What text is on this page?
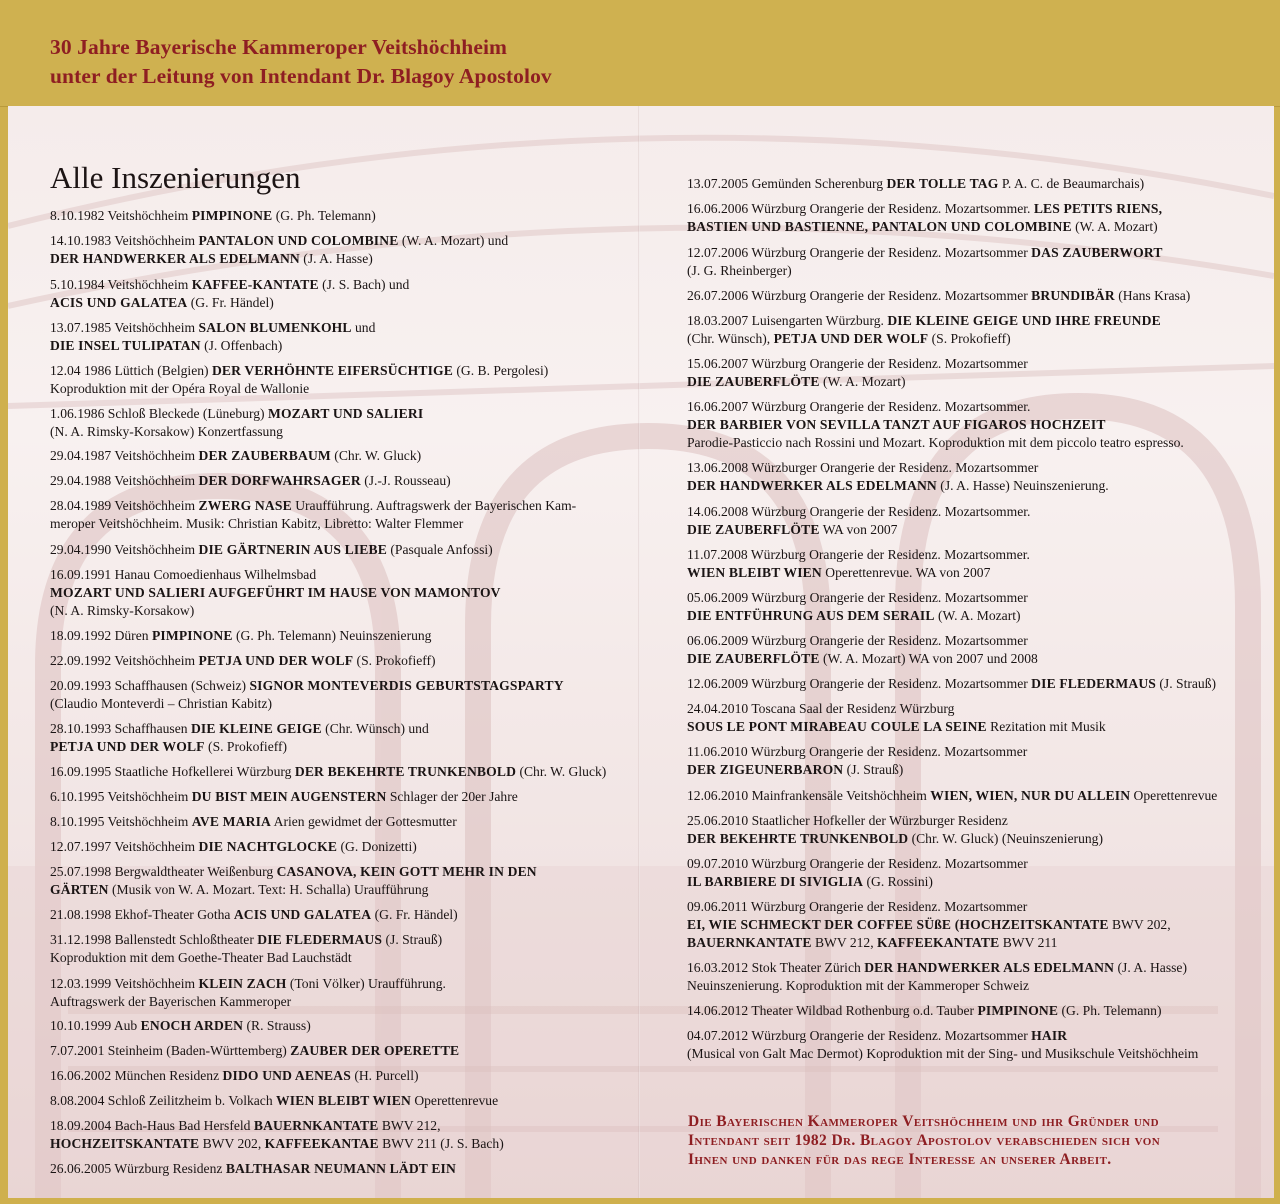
30 Jahre Bayerische Kammeroper Veitshöchheim
unter der Leitung von Intendant Dr. Blagoy Apostolov
Alle Inszenierungen
8.10.1982 Veitshöchheim PIMPINONE (G. Ph. Telemann)
14.10.1983 Veitshöchheim PANTALON UND COLOMBINE (W. A. Mozart) und
DER HANDWERKER ALS EDELMANN (J. A. Hasse)
5.10.1984 Veitshöchheim KAFFEE-KANTATE (J. S. Bach) und
ACIS UND GALATEA (G. Fr. Händel)
13.07.1985 Veitshöchheim SALON BLUMENKOHL und
DIE INSEL TULIPATAN (J. Offenbach)
12.04 1986 Lüttich (Belgien) DER VERHÖHNTE EIFERSÜCHTIGE (G. B. Pergolesi)
Koproduktion mit der Opéra Royal de Wallonie
1.06.1986 Schloß Bleckede (Lüneburg) MOZART UND SALIERI
(N. A. Rimsky-Korsakow) Konzertfassung
29.04.1987 Veitshöchheim DER ZAUBERBAUM (Chr. W. Gluck)
29.04.1988 Veitshöchheim DER DORFWAHRSAGER (J.-J. Rousseau)
28.04.1989 Veitshöchheim ZWERG NASE Uraufführung. Auftragswerk der Bayerischen Kam-
meroper Veitshöchheim. Musik: Christian Kabitz, Libretto: Walter Flemmer
29.04.1990 Veitshöchheim DIE GÄRTNERIN AUS LIEBE (Pasquale Anfossi)
16.09.1991 Hanau Comoedienhaus Wilhelmsbad
MOZART UND SALIERI AUFGEFÜHRT IM HAUSE VON MAMONTOV
(N. A. Rimsky-Korsakow)
18.09.1992 Düren PIMPINONE (G. Ph. Telemann) Neuinszenierung
22.09.1992 Veitshöchheim PETJA UND DER WOLF (S. Prokofieff)
20.09.1993 Schaffhausen (Schweiz) SIGNOR MONTEVERDIS GEBURTSTAGSPARTY
(Claudio Monteverdi – Christian Kabitz)
28.10.1993 Schaffhausen DIE KLEINE GEIGE (Chr. Wünsch) und
PETJA UND DER WOLF (S. Prokofieff)
16.09.1995 Staatliche Hofkellerei Würzburg DER BEKEHRTE TRUNKENBOLD (Chr. W. Gluck)
6.10.1995 Veitshöchheim DU BIST MEIN AUGENSTERN Schlager der 20er Jahre
8.10.1995 Veitshöchheim AVE MARIA Arien gewidmet der Gottesmutter
12.07.1997 Veitshöchheim DIE NACHTGLOCKE (G. Donizetti)
25.07.1998 Bergwaldtheater Weißenburg CASANOVA, KEIN GOTT MEHR IN DEN
GÄRTEN (Musik von W. A. Mozart. Text: H. Schalla) Uraufführung
21.08.1998 Ekhof-Theater Gotha ACIS UND GALATEA (G. Fr. Händel)
31.12.1998 Ballenstedt Schloßtheater DIE FLEDERMAUS (J. Strauß)
Koproduktion mit dem Goethe-Theater Bad Lauchstädt
12.03.1999 Veitshöchheim KLEIN ZACH (Toni Völker) Uraufführung.
Auftragswerk der Bayerischen Kammeroper
10.10.1999 Aub ENOCH ARDEN (R. Strauss)
7.07.2001 Steinheim (Baden-Württemberg) ZAUBER DER OPERETTE
16.06.2002 München Residenz DIDO UND AENEAS (H. Purcell)
8.08.2004 Schloß Zeilitzheim b. Volkach WIEN BLEIBT WIEN Operettenrevue
18.09.2004 Bach-Haus Bad Hersfeld BAUERNKANTATE BWV 212,
HOCHZEITSKANTATE BWV 202, KAFFEEKANTAE BWV 211 (J. S. Bach)
26.06.2005 Würzburg Residenz BALTHASAR NEUMANN LÄDT EIN
13.07.2005 Gemünden Scherenburg DER TOLLE TAG P. A. C. de Beaumarchais)
16.06.2006 Würzburg Orangerie der Residenz. Mozartsommer. LES PETITS RIENS,
BASTIEN UND BASTIENNE, PANTALON UND COLOMBINE (W. A. Mozart)
12.07.2006 Würzburg Orangerie der Residenz. Mozartsommer DAS ZAUBERWORT
(J. G. Rheinberger)
26.07.2006 Würzburg Orangerie der Residenz. Mozartsommer BRUNDIBÄR (Hans Krasa)
18.03.2007 Luisengarten Würzburg. DIE KLEINE GEIGE UND IHRE FREUNDE
(Chr. Wünsch), PETJA UND DER WOLF (S. Prokofieff)
15.06.2007 Würzburg Orangerie der Residenz. Mozartsommer
DIE ZAUBERFLÖTE (W. A. Mozart)
16.06.2007 Würzburg Orangerie der Residenz. Mozartsommer.
DER BARBIER VON SEVILLA TANZT AUF FIGAROS HOCHZEIT
Parodie-Pasticcio nach Rossini und Mozart. Koproduktion mit dem piccolo teatro espresso.
13.06.2008 Würzburger Orangerie der Residenz. Mozartsommer
DER HANDWERKER ALS EDELMANN (J. A. Hasse) Neuinszenierung.
14.06.2008 Würzburg Orangerie der Residenz. Mozartsommer.
DIE ZAUBERFLÖTE WA von 2007
11.07.2008 Würzburg Orangerie der Residenz. Mozartsommer.
WIEN BLEIBT WIEN Operettenrevue. WA von 2007
05.06.2009 Würzburg Orangerie der Residenz. Mozartsommer
DIE ENTFÜHRUNG AUS DEM SERAIL (W. A. Mozart)
06.06.2009 Würzburg Orangerie der Residenz. Mozartsommer
DIE ZAUBERFLÖTE (W. A. Mozart) WA von 2007 und 2008
12.06.2009 Würzburg Orangerie der Residenz. Mozartsommer DIE FLEDERMAUS (J. Strauß)
24.04.2010 Toscana Saal der Residenz Würzburg
SOUS LE PONT MIRABEAU COULE LA SEINE Rezitation mit Musik
11.06.2010 Würzburg Orangerie der Residenz. Mozartsommer
DER ZIGEUNERBARON (J. Strauß)
12.06.2010 Mainfrankensäle Veitshöchheim WIEN, WIEN, NUR DU ALLEIN Operettenrevue
25.06.2010 Staatlicher Hofkeller der Würzburger Residenz
DER BEKEHRTE TRUNKENBOLD (Chr. W. Gluck) (Neuinszenierung)
09.07.2010 Würzburg Orangerie der Residenz. Mozartsommer
IL BARBIERE DI SIVIGLIA (G. Rossini)
09.06.2011 Würzburg Orangerie der Residenz. Mozartsommer
EI, WIE SCHMECKT DER COFFEE SÜßE (HOCHZEITSKANTATE BWV 202,
BAUERNKANTATE BWV 212, KAFFEEKANTATE BWV 211
16.03.2012 Stok Theater Zürich DER HANDWERKER ALS EDELMANN (J. A. Hasse)
Neuinszenierung. Koproduktion mit der Kammeroper Schweiz
14.06.2012 Theater Wildbad Rothenburg o.d. Tauber PIMPINONE (G. Ph. Telemann)
04.07.2012 Würzburg Orangerie der Residenz. Mozartsommer HAIR
(Musical von Galt Mac Dermot) Koproduktion mit der Sing- und Musikschule Veitshöchheim
Die Bayerischen Kammeroper Veitshöchheim und ihr Gründer und
Intendant seit 1982 Dr. Blagoy Apostolov verabschieden sich von
Ihnen und danken für das rege Interesse an unserer Arbeit.
